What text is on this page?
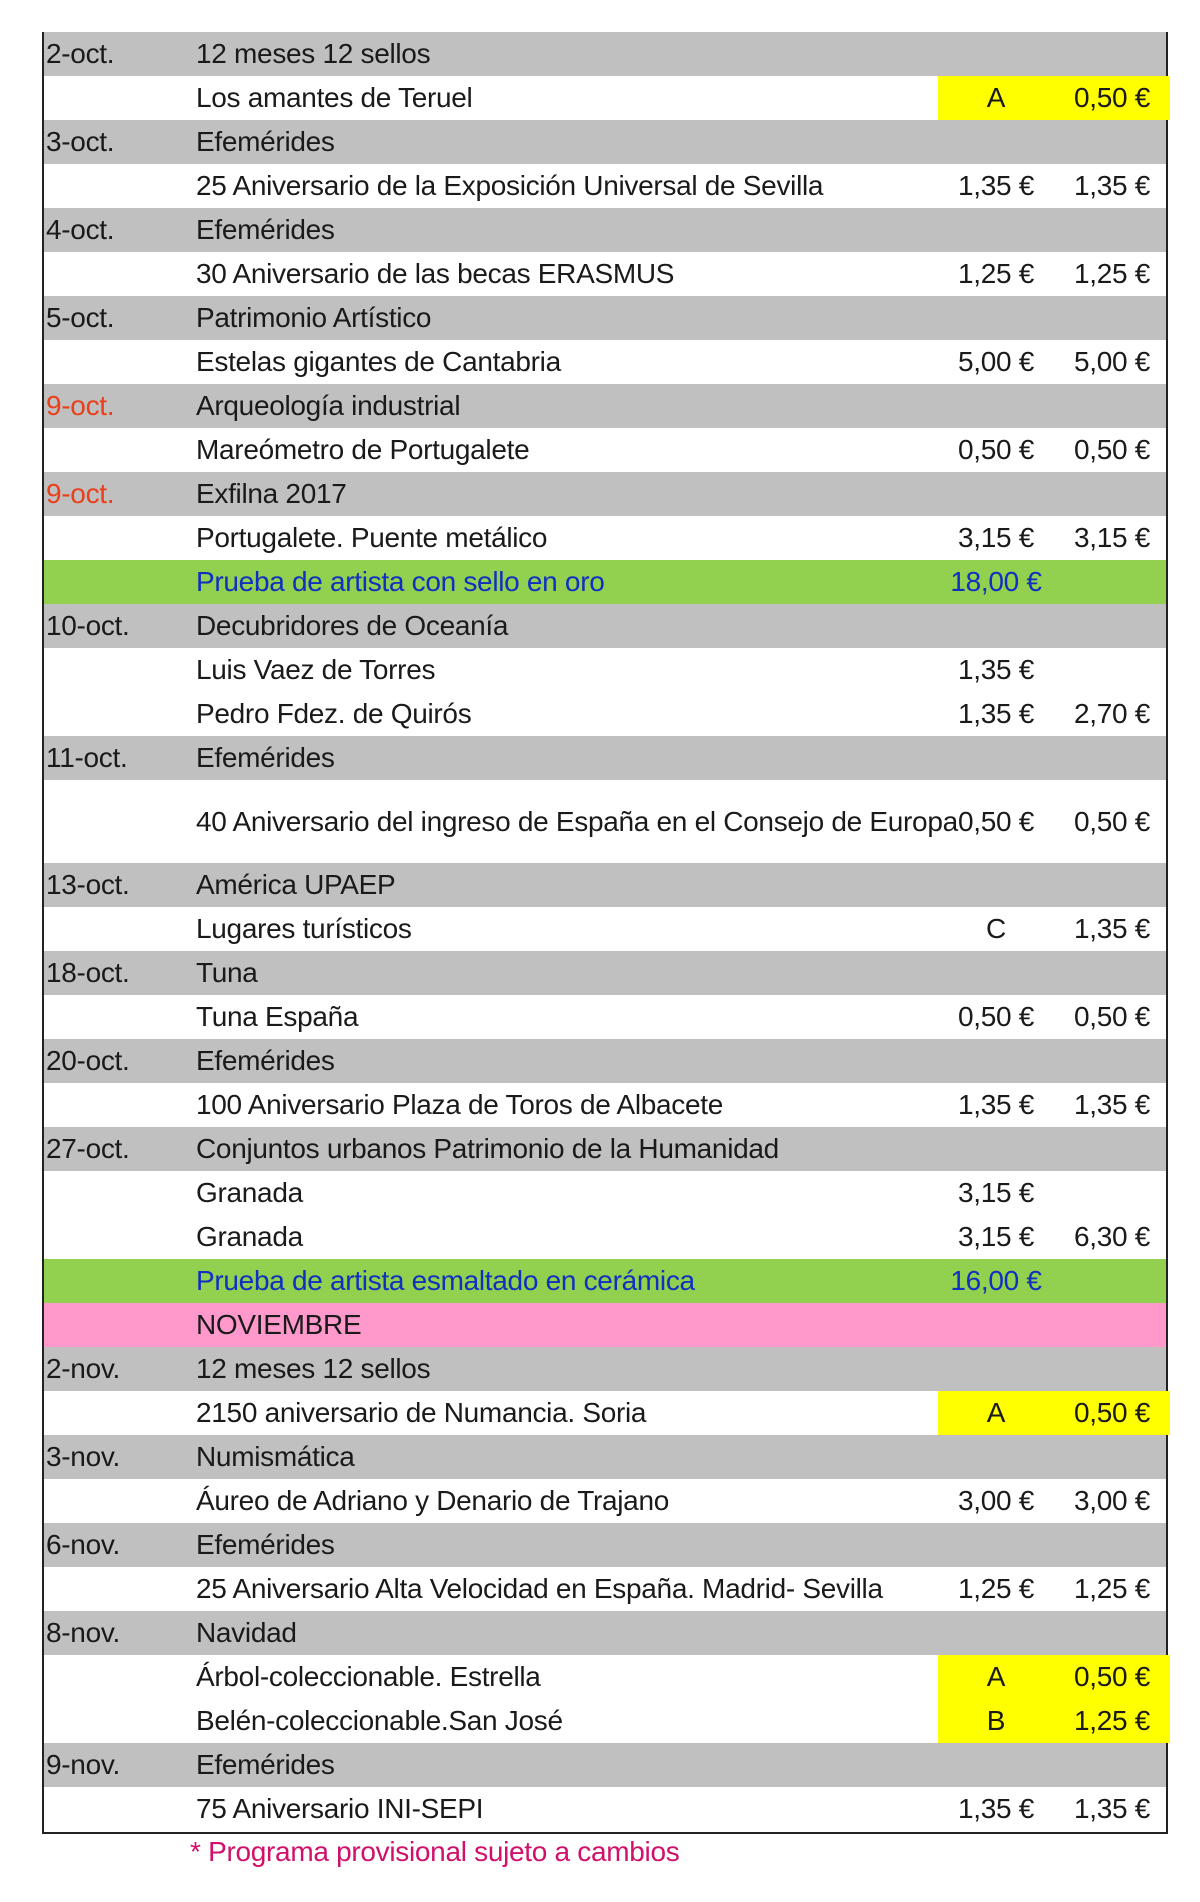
2-oct.	12 meses 12 sellos
Los amantes de Teruel	A	0,50 €
3-oct.	Efemérides
25 Aniversario de la Exposición Universal de Sevilla	1,35 €	1,35 €
4-oct.	Efemérides
30 Aniversario de las becas ERASMUS	1,25 €	1,25 €
5-oct.	Patrimonio Artístico
Estelas gigantes de Cantabria	5,00 €	5,00 €
9-oct.	Arqueología industrial
Mareómetro de Portugalete	0,50 €	0,50 €
9-oct.	Exfilna 2017
Portugalete. Puente metálico	3,15 €	3,15 €
Prueba de artista con sello en oro	18,00 €
10-oct.	Decubridores de Oceanía
Luis Vaez de Torres	1,35 €
Pedro Fdez. de Quirós	1,35 €	2,70 €
11-oct.	Efemérides
40 Aniversario del ingreso de España en el Consejo de Europa 0,50 €	0,50 €
13-oct.	América UPAEP
Lugares turísticos	C	1,35 €
18-oct.	Tuna
Tuna España	0,50 €	0,50 €
20-oct.	Efemérides
100 Aniversario Plaza de Toros de Albacete	1,35 €	1,35 €
27-oct.	Conjuntos urbanos Patrimonio de la Humanidad
Granada	3,15 €
Granada	3,15 €	6,30 €
Prueba de artista esmaltado en cerámica	16,00 €
NOVIEMBRE
2-nov.	12 meses 12 sellos
2150 aniversario de Numancia. Soria	A	0,50 €
3-nov.	Numismática
Áureo de Adriano y Denario de Trajano	3,00 €	3,00 €
6-nov.	Efemérides
25 Aniversario Alta Velocidad en España. Madrid- Sevilla	1,25 €	1,25 €
8-nov.	Navidad
Árbol-coleccionable. Estrella	A	0,50 €
Belén-coleccionable.San José	B	1,25 €
9-nov.	Efemérides
75 Aniversario INI-SEPI	1,35 €	1,35 €
* Programa provisional sujeto a cambios
